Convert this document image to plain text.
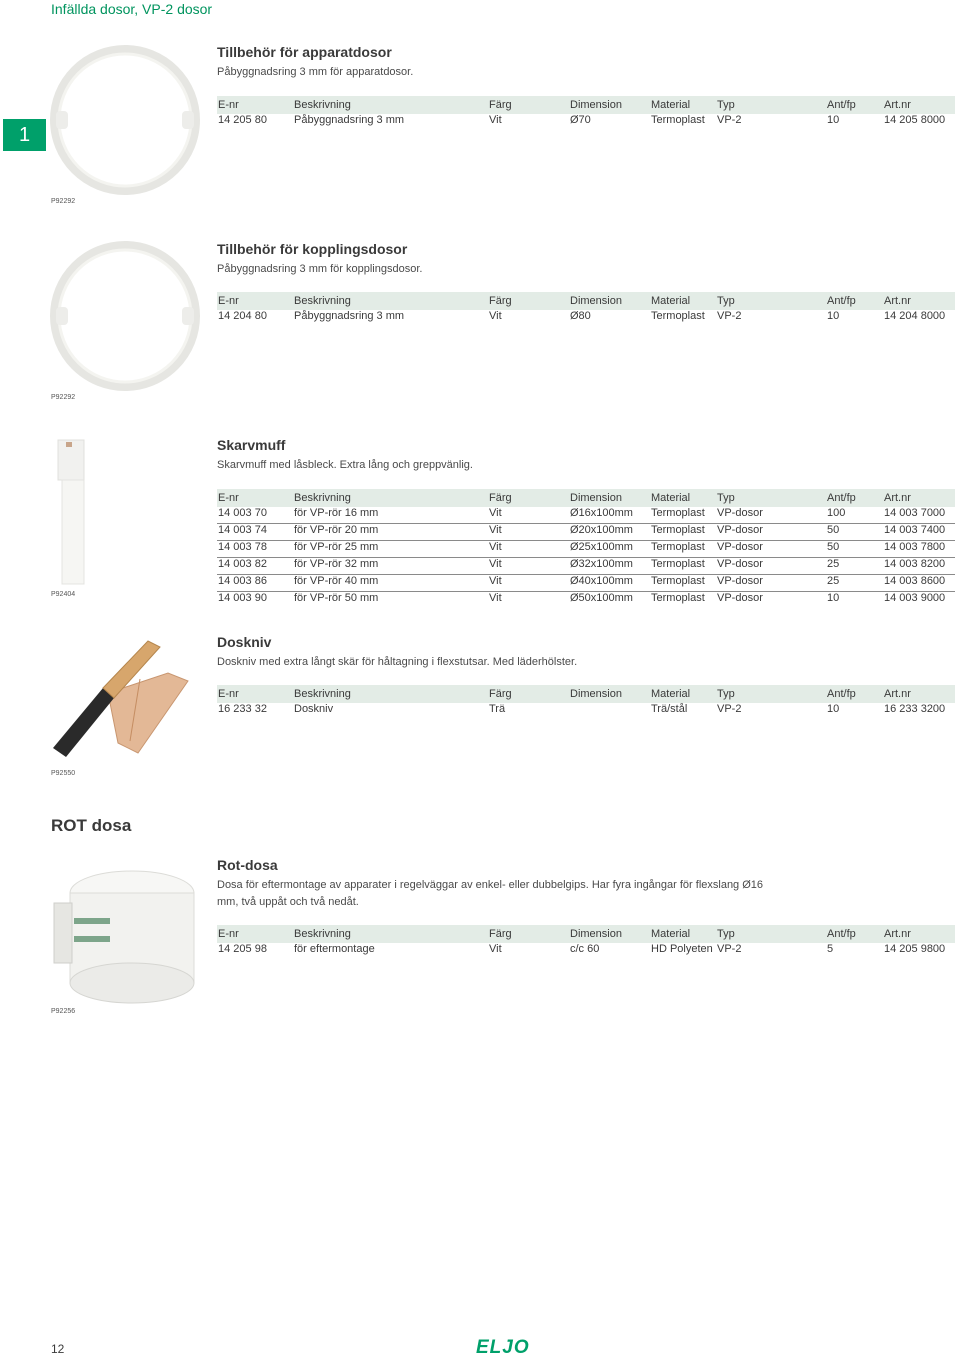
Infällda dosor, VP-2 dosor
1
P92292
P92292
P92404
P92550
P92256
Tillbehör för apparatdosor
Påbyggnadsring 3 mm för apparatdosor.
E-nr	Beskrivning	Färg	Dimension	Material	Typ	Ant/fp	Art.nr
14 205 80	Påbyggnadsring 3 mm	Vit	Ø70	Termoplast	VP-2	10	14 205 8000
Tillbehör för kopplingsdosor
Påbyggnadsring 3 mm för kopplingsdosor.
E-nr	Beskrivning	Färg	Dimension	Material	Typ	Ant/fp	Art.nr
14 204 80	Påbyggnadsring 3 mm	Vit	Ø80	Termoplast	VP-2	10	14 204 8000
Skarvmuff
Skarvmuff med låsbleck. Extra lång och greppvänlig.
E-nr	Beskrivning	Färg	Dimension	Material	Typ	Ant/fp	Art.nr
14 003 70	för VP-rör 16 mm	Vit	Ø16x100mm	Termoplast	VP-dosor	100	14 003 7000
14 003 74	för VP-rör 20 mm	Vit	Ø20x100mm	Termoplast	VP-dosor	50	14 003 7400
14 003 78	för VP-rör 25 mm	Vit	Ø25x100mm	Termoplast	VP-dosor	50	14 003 7800
14 003 82	för VP-rör 32 mm	Vit	Ø32x100mm	Termoplast	VP-dosor	25	14 003 8200
14 003 86	för VP-rör 40 mm	Vit	Ø40x100mm	Termoplast	VP-dosor	25	14 003 8600
14 003 90	för VP-rör 50 mm	Vit	Ø50x100mm	Termoplast	VP-dosor	10	14 003 9000
Doskniv
Doskniv med extra långt skär för håltagning i flexstutsar. Med läderhölster.
E-nr	Beskrivning	Färg	Dimension	Material	Typ	Ant/fp	Art.nr
16 233 32	Doskniv	Trä		Trä/stål	VP-2	10	16 233 3200
ROT dosa
Rot-dosa
Dosa för eftermontage av apparater i regelväggar av enkel- eller dubbelgips. Har fyra ingångar för flexslang Ø16 mm, två uppåt och två nedåt.
E-nr	Beskrivning	Färg	Dimension	Material	Typ	Ant/fp	Art.nr
14 205 98	för eftermontage	Vit	c/c 60	HD Polyeten	VP-2	5	14 205 9800
12	ELJO
